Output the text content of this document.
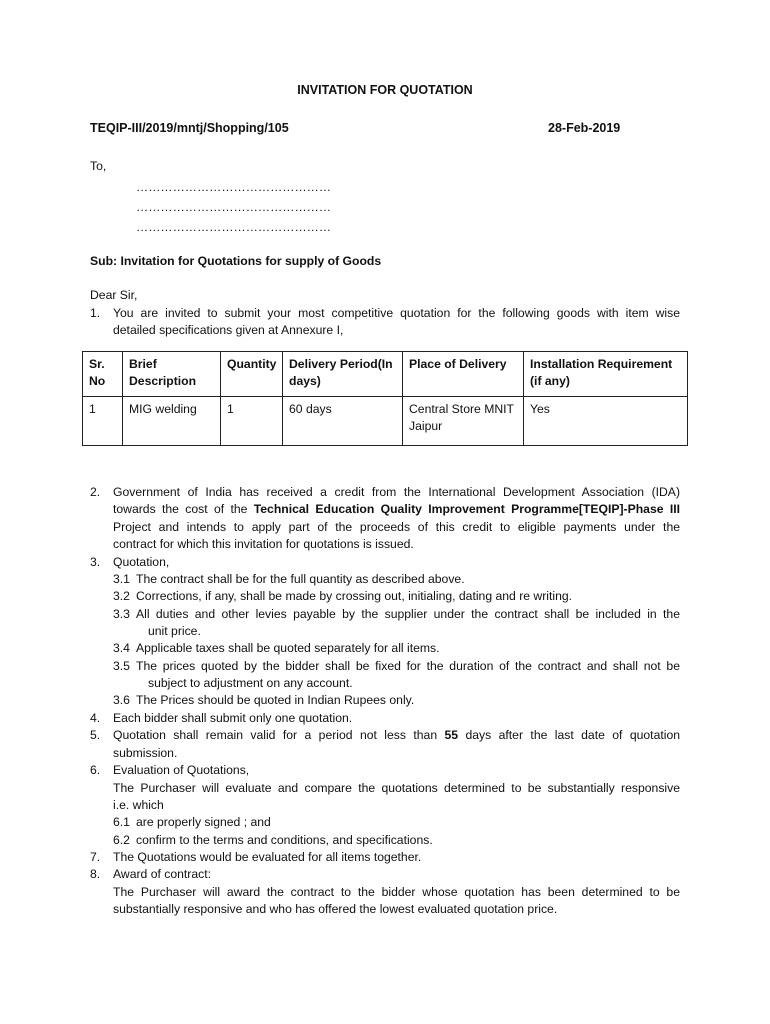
INVITATION FOR QUOTATION
TEQIP-III/2019/mntj/Shopping/105	28-Feb-2019
To,
…………………………………………
…………………………………………
…………………………………………
Sub: Invitation for Quotations for supply of Goods
Dear Sir,
1. You are invited to submit your most competitive quotation for the following goods with item wise
detailed specifications given at Annexure I,
Sr. No	Brief Description	Quantity	Delivery Period(In days)	Place of Delivery	Installation Requirement (if any)
1	MIG welding	1	60 days	Central Store MNIT Jaipur	Yes
2. Government of India has received a credit from the International Development Association (IDA)
towards the cost of the Technical Education Quality Improvement Programme[TEQIP]-Phase III
Project and intends to apply part of the proceeds of this credit to eligible payments under the
contract for which this invitation for quotations is issued.
3. Quotation,
3.1 The contract shall be for the full quantity as described above.
3.2 Corrections, if any, shall be made by crossing out, initialing, dating and re writing.
3.3 All duties and other levies payable by the supplier under the contract shall be included in the
unit price.
3.4 Applicable taxes shall be quoted separately for all items.
3.5 The prices quoted by the bidder shall be fixed for the duration of the contract and shall not be
subject to adjustment on any account.
3.6 The Prices should be quoted in Indian Rupees only.
4. Each bidder shall submit only one quotation.
5. Quotation shall remain valid for a period not less than 55 days after the last date of quotation
submission.
6. Evaluation of Quotations,
The Purchaser will evaluate and compare the quotations determined to be substantially responsive
i.e. which
6.1 are properly signed ; and
6.2 confirm to the terms and conditions, and specifications.
7. The Quotations would be evaluated for all items together.
8. Award of contract:
The Purchaser will award the contract to the bidder whose quotation has been determined to be
substantially responsive and who has offered the lowest evaluated quotation price.
